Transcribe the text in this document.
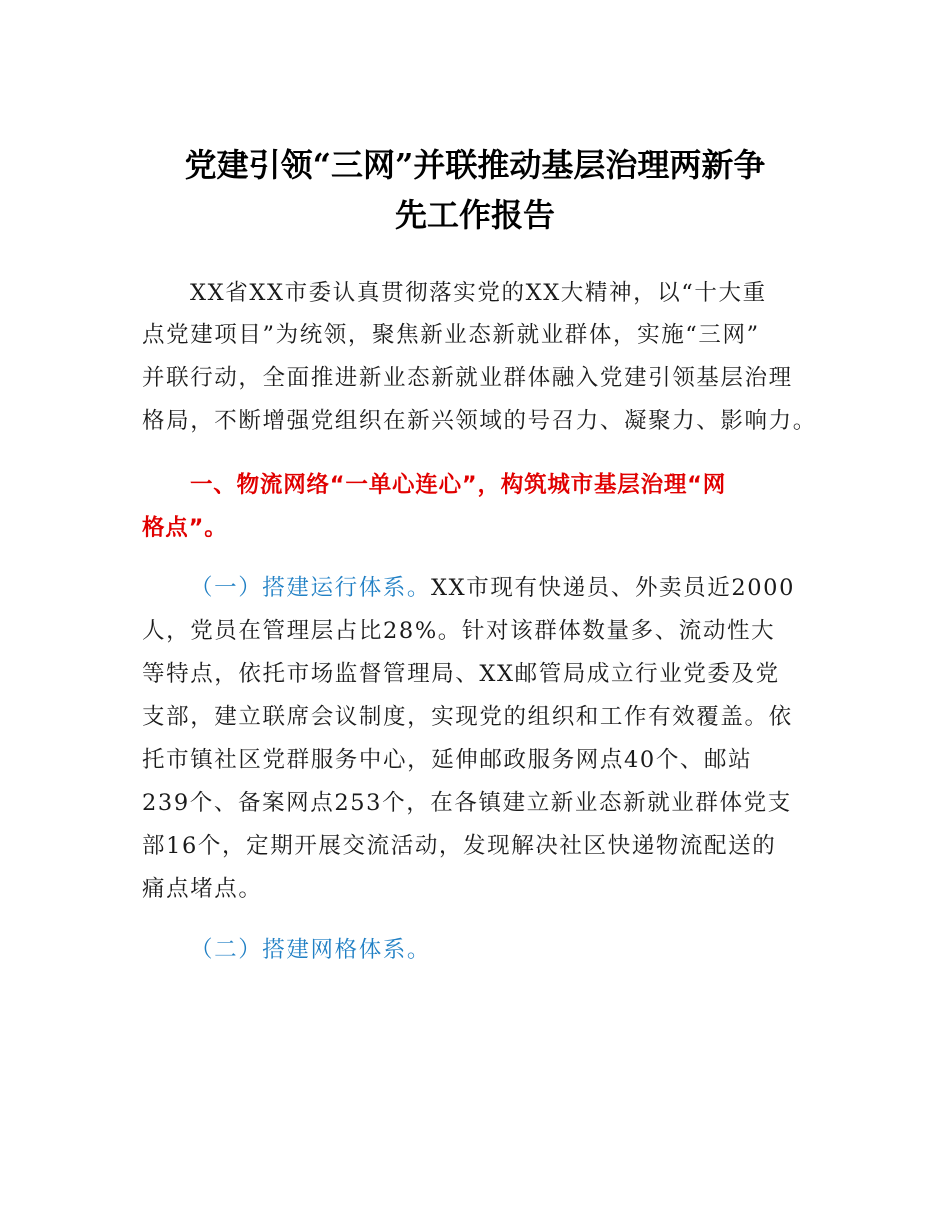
党建引领“三网”并联推动基层治理两新争
先工作报告
XX省XX市委认真贯彻落实党的XX大精神，以“十大重
点党建项目”为统领，聚焦新业态新就业群体，实施“三网”
并联行动，全面推进新业态新就业群体融入党建引领基层治理
格局，不断增强党组织在新兴领域的号召力、凝聚力、影响力。
一、物流网络“一单心连心”，构筑城市基层治理“网
格点”。
（一）搭建运行体系。XX市现有快递员、外卖员近2000
人，党员在管理层占比28%。针对该群体数量多、流动性大
等特点，依托市场监督管理局、XX邮管局成立行业党委及党
支部，建立联席会议制度，实现党的组织和工作有效覆盖。依
托市镇社区党群服务中心，延伸邮政服务网点40个、邮站
239个、备案网点253个，在各镇建立新业态新就业群体党支
部16个，定期开展交流活动，发现解决社区快递物流配送的
痛点堵点。
（二）搭建网格体系。
